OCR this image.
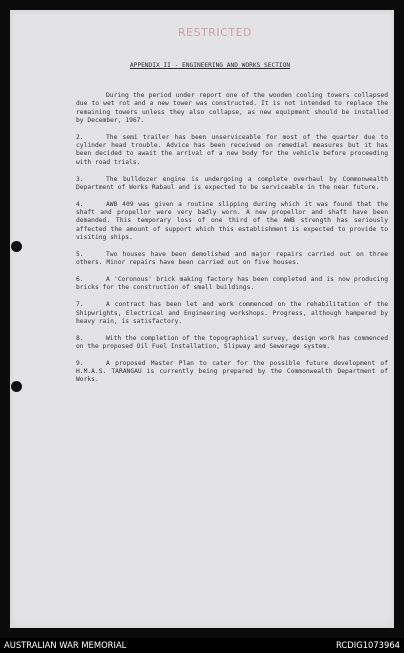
RESTRICTED
APPENDIX II - ENGINEERING AND WORKS SECTION

During the period under report one of the wooden cooling towers collapsed due to wet rot and a new tower was constructed. It is not intended to replace the remaining towers unless they also collapse, as new equipment should be installed by December, 1967.

2.	The semi trailer has been unserviceable for most of the quarter due to cylinder head trouble. Advice has been received on remedial measures but it has been decided to await the arrival of a new body for the vehicle before proceeding with road trials.

3.	The bulldozer engine is undergoing a complete overhaul by Commonwealth Department of Works Rabaul and is expected to be serviceable in the near future.

4.	AWB 409 was given a routine slipping during which it was found that the shaft and propellor were very badly worn. A new propellor and shaft have been demanded. This temporary loss of one third of the AWB strength has seriously affected the amount of support which this establishment is expected to provide to visiting ships.

5.	Two houses have been demolished and major repairs carried out on three others. Minor repairs have been carried out on five houses.

6.	A 'Coronous' brick making factory has been completed and is now producing bricks for the construction of small buildings.

7.	A contract has been let and work commenced on the rehabilitation of the Shipwrights, Electrical and Engineering workshops. Progress, although hampered by heavy rain, is satisfactory.

8.	With the completion of the topographical survey, design work has commenced on the proposed Oil Fuel Installation, Slipway and Sewerage system.

9.	A proposed Master Plan to cater for the possible future development of H.M.A.S. TARANGAU is currently being prepared by the Commonwealth Department of Works.

AUSTRALIAN WAR MEMORIAL	RCDIG1073964
